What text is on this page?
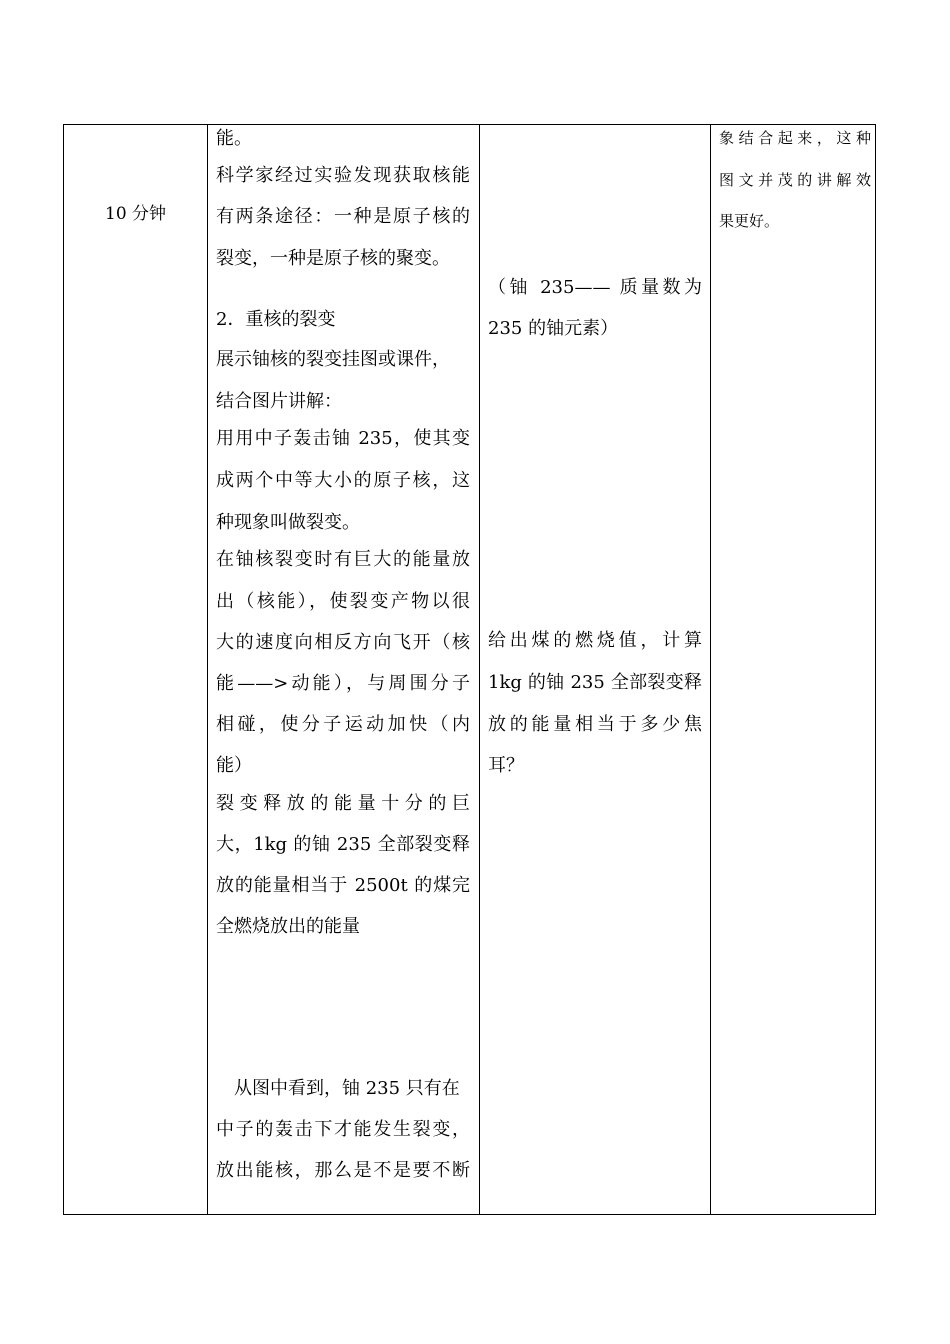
10 分钟
能。
科学家经过实验发现获取核能
有两条途径：一种是原子核的
裂变，一种是原子核的聚变。
2．重核的裂变
展示铀核的裂变挂图或课件，
结合图片讲解：
用用中子轰击铀 235，使其变
成两个中等大小的原子核，这
种现象叫做裂变。
在铀核裂变时有巨大的能量放
出（核能），使裂变产物以很
大的速度向相反方向飞开（核
能——>动能），与周围分子
相碰，使分子运动加快（内
能）
裂变释放的能量十分的巨
大，1kg 的铀 235 全部裂变释
放的能量相当于 2500t 的煤完
全燃烧放出的能量
从图中看到，铀 235 只有在
中子的轰击下才能发生裂变，
放出能核，那么是不是要不断
（铀 235—— 质量数为
235 的铀元素）
给出煤的燃烧值，计算
1kg 的铀 235 全部裂变释
放的能量相当于多少焦
耳？
象结合起来，这种
图文并茂的讲解效
果更好。
